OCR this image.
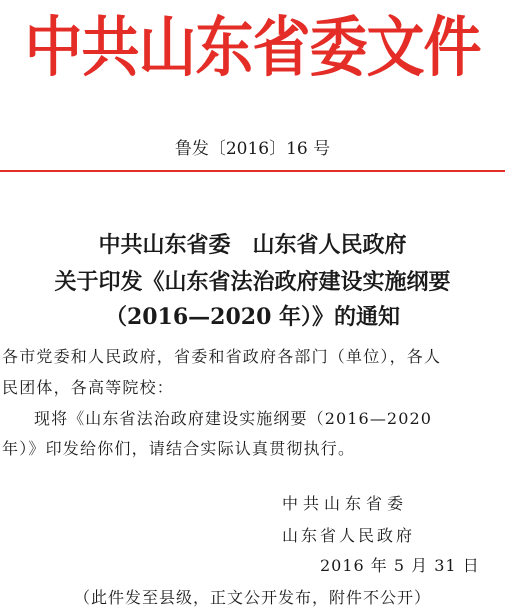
中共山东省委文件
鲁发〔2016〕16 号
中共山东省委　山东省人民政府
关于印发《山东省法治政府建设实施纲要
（2016—2020 年）》的通知
各市党委和人民政府，省委和省政府各部门（单位），各人
民团体，各高等院校：
现将《山东省法治政府建设实施纲要（2016—2020
年）》印发给你们，请结合实际认真贯彻执行。
中共山东省委
山东省人民政府
2016 年 5 月 31 日
（此件发至县级，正文公开发布，附件不公开）
